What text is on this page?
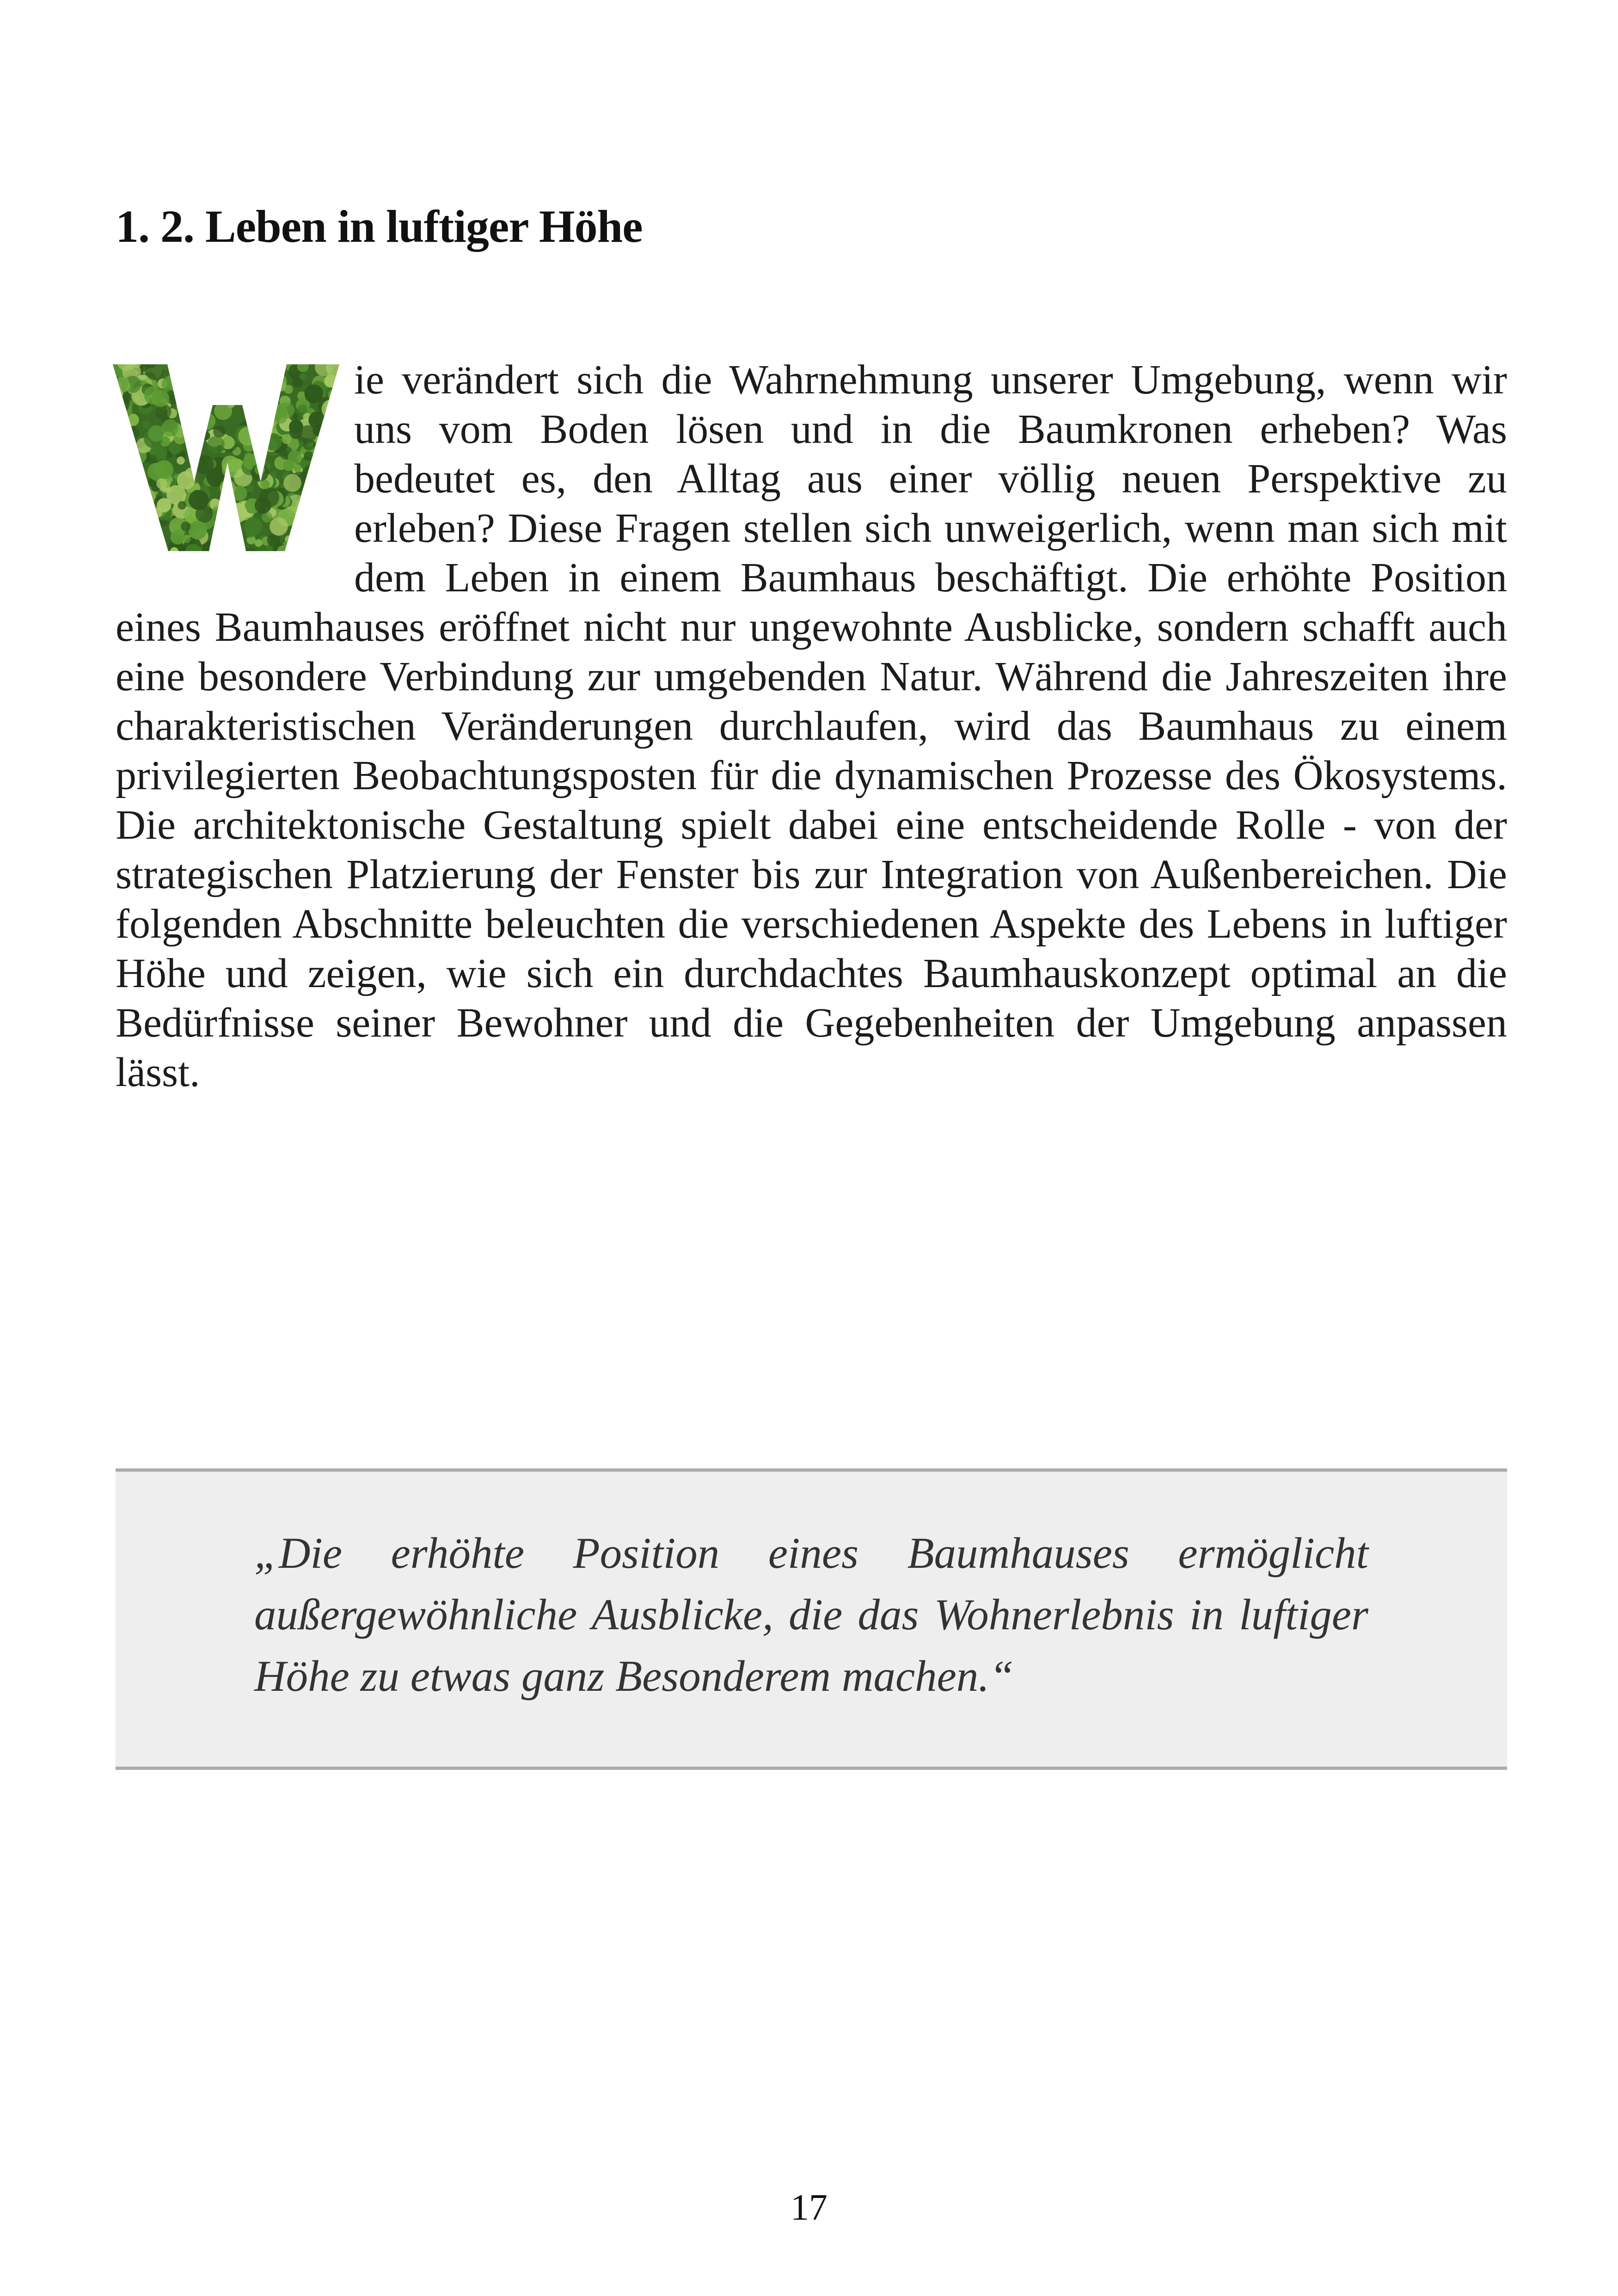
1. 2. Leben in luftiger Höhe

ie verändert sich die Wahrnehmung unserer Umgebung, wenn wir uns vom Boden lösen und in die Baumkronen erheben? Was bedeutet es, den Alltag aus einer völlig neuen Perspektive zu erleben? Diese Fragen stellen sich unweigerlich, wenn man sich mit dem Leben in einem Baumhaus beschäftigt. Die erhöhte Position eines Baumhauses eröffnet nicht nur ungewohnte Ausblicke, sondern schafft auch eine besondere Verbindung zur umgebenden Natur. Während die Jahreszeiten ihre charakteristischen Veränderungen durchlaufen, wird das Baumhaus zu einem privilegierten Beobachtungsposten für die dynamischen Prozesse des Ökosystems. Die architektonische Gestaltung spielt dabei eine entscheidende Rolle - von der strategischen Platzierung der Fenster bis zur Integration von Außenbereichen. Die folgenden Abschnitte beleuchten die verschiedenen Aspekte des Lebens in luftiger Höhe und zeigen, wie sich ein durchdachtes Baumhauskonzept optimal an die Bedürfnisse seiner Bewohner und die Gegebenheiten der Umgebung anpassen lässt.

„Die erhöhte Position eines Baumhauses ermöglicht außergewöhnliche Ausblicke, die das Wohnerlebnis in luftiger Höhe zu etwas ganz Besonderem machen.“

17
